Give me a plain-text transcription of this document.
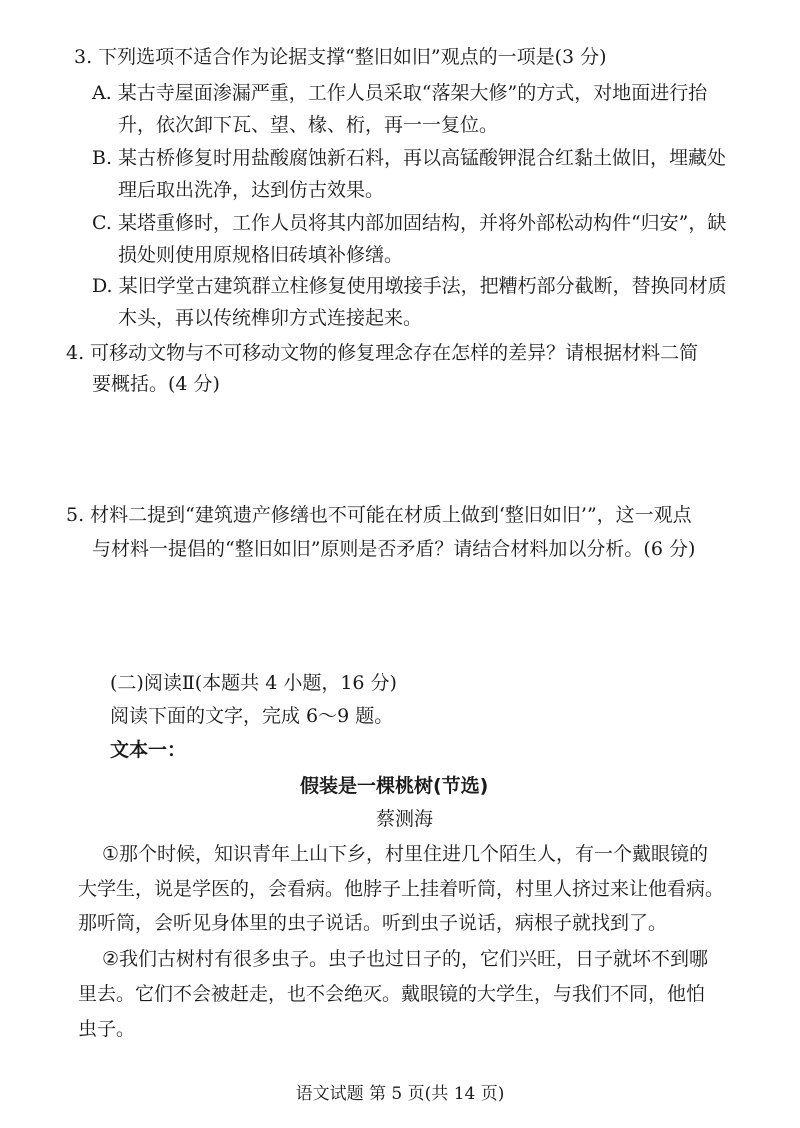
3. 下列选项不适合作为论据支撑“整旧如旧”观点的一项是(3 分)
A. 某古寺屋面渗漏严重，工作人员采取“落架大修”的方式，对地面进行抬
升，依次卸下瓦、望、椽、桁，再一一复位。
B. 某古桥修复时用盐酸腐蚀新石料，再以高锰酸钾混合红黏土做旧，埋藏处
理后取出洗净，达到仿古效果。
C. 某塔重修时，工作人员将其内部加固结构，并将外部松动构件“归安”，缺
损处则使用原规格旧砖填补修缮。
D. 某旧学堂古建筑群立柱修复使用墩接手法，把糟朽部分截断，替换同材质
木头，再以传统榫卯方式连接起来。
4. 可移动文物与不可移动文物的修复理念存在怎样的差异？请根据材料二简
要概括。(4 分)
5. 材料二提到“建筑遗产修缮也不可能在材质上做到‘整旧如旧’”，这一观点
与材料一提倡的“整旧如旧”原则是否矛盾？请结合材料加以分析。(6 分)
(二)阅读Ⅱ(本题共 4 小题，16 分)
阅读下面的文字，完成 6～9 题。
文本一：
假装是一棵桃树(节选)
蔡测海
①那个时候，知识青年上山下乡，村里住进几个陌生人，有一个戴眼镜的
大学生，说是学医的，会看病。他脖子上挂着听筒，村里人挤过来让他看病。
那听筒，会听见身体里的虫子说话。听到虫子说话，病根子就找到了。
②我们古树村有很多虫子。虫子也过日子的，它们兴旺，日子就坏不到哪
里去。它们不会被赶走，也不会绝灭。戴眼镜的大学生，与我们不同，他怕
虫子。
语文试题 第 5 页(共 14 页)
